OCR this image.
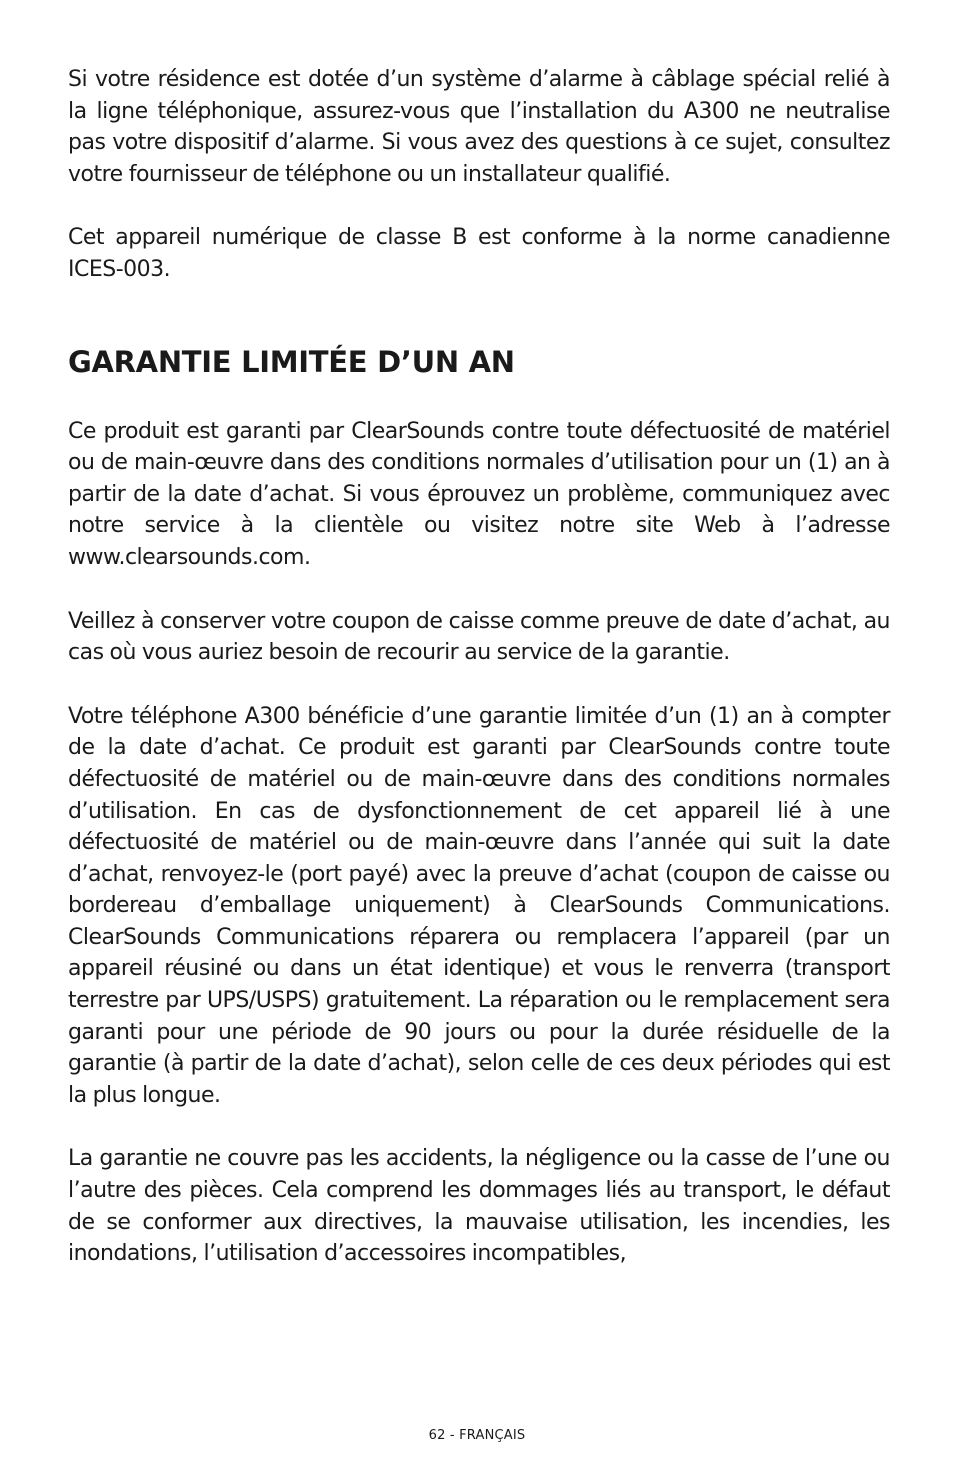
Si votre résidence est dotée d’un système d’alarme à câblage spécial relié à la ligne téléphonique, assurez-vous que l’installation du A300 ne neutralise pas votre dispositif d’alarme. Si vous avez des questions à ce sujet, consultez votre fournisseur de téléphone ou un installateur qualifié.

Cet appareil numérique de classe B est conforme à la norme canadienne ICES-003.

GARANTIE LIMITÉE D’UN AN

Ce produit est garanti par ClearSounds contre toute défectuosité de matériel ou de main-œuvre dans des conditions normales d’utilisation pour un (1) an à partir de la date d’achat. Si vous éprouvez un problème, communiquez avec notre service à la clientèle ou visitez notre site Web à l’adresse www.clearsounds.com.

Veillez à conserver votre coupon de caisse comme preuve de date d’achat, au cas où vous auriez besoin de recourir au service de la garantie.

Votre téléphone A300 bénéficie d’une garantie limitée d’un (1) an à compter de la date d’achat. Ce produit est garanti par ClearSounds contre toute défectuosité de matériel ou de main-œuvre dans des conditions normales d’utilisation. En cas de dysfonctionnement de cet appareil lié à une défectuosité de matériel ou de main-œuvre dans l’année qui suit la date d’achat, renvoyez-le (port payé) avec la preuve d’achat (coupon de caisse ou bordereau d’emballage uniquement) à ClearSounds Communications. ClearSounds Communications réparera ou remplacera l’appareil (par un appareil réusiné ou dans un état identique) et vous le renverra (transport terrestre par UPS/USPS) gratuitement. La réparation ou le remplacement sera garanti pour une période de 90 jours ou pour la durée résiduelle de la garantie (à partir de la date d’achat), selon celle de ces deux périodes qui est la plus longue.

La garantie ne couvre pas les accidents, la négligence ou la casse de l’une ou l’autre des pièces. Cela comprend les dommages liés au transport, le défaut de se conformer aux directives, la mauvaise utilisation, les incendies, les inondations, l’utilisation d’accessoires incompatibles,

62 - FRANÇAIS
